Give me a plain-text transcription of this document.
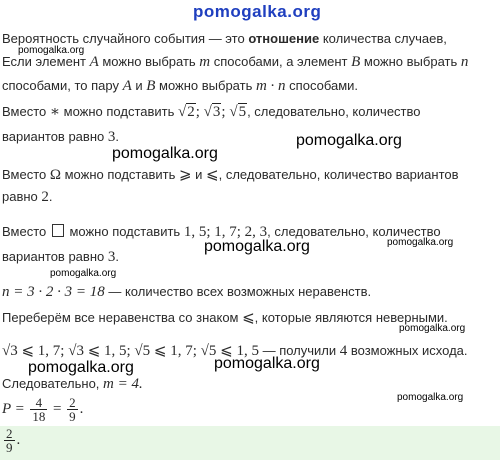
pomogalka.org
pomogalka.org
pomogalka.org
pomogalka.org
pomogalka.org
pomogalka.org
pomogalka.org
pomogalka.org
pomogalka.org	pomogalka.org
pomogalka.org
Вероятность случайного события — это отношение количества случаев,
Если элемент A можно выбрать m способами, а элемент B можно выбрать n
способами, то пару A и B можно выбрать m · n способами.
Вместо ∗ можно подставить √2; √3; √5, следовательно, количество
вариантов равно 3.
Вместо Ω можно подставить ⩾ и ⩽, следовательно, количество вариантов
равно 2.
Вместо  можно подставить 1, 5; 1, 7; 2, 3, следовательно, количество
вариантов равно 3.
n = 3 · 2 · 3 = 18 — количество всех возможных неравенств.
Переберём все неравенства со знаком ⩽, которые являются неверными.
√3 ⩽ 1, 7; √3 ⩽ 1, 5; √5 ⩽ 1, 7; √5 ⩽ 1, 5 — получили 4 возможных исхода.
Следовательно, m = 4.
$P = \frac{4}{18} = \frac{2}{9}$ .
$\frac{2}{9}$ .
